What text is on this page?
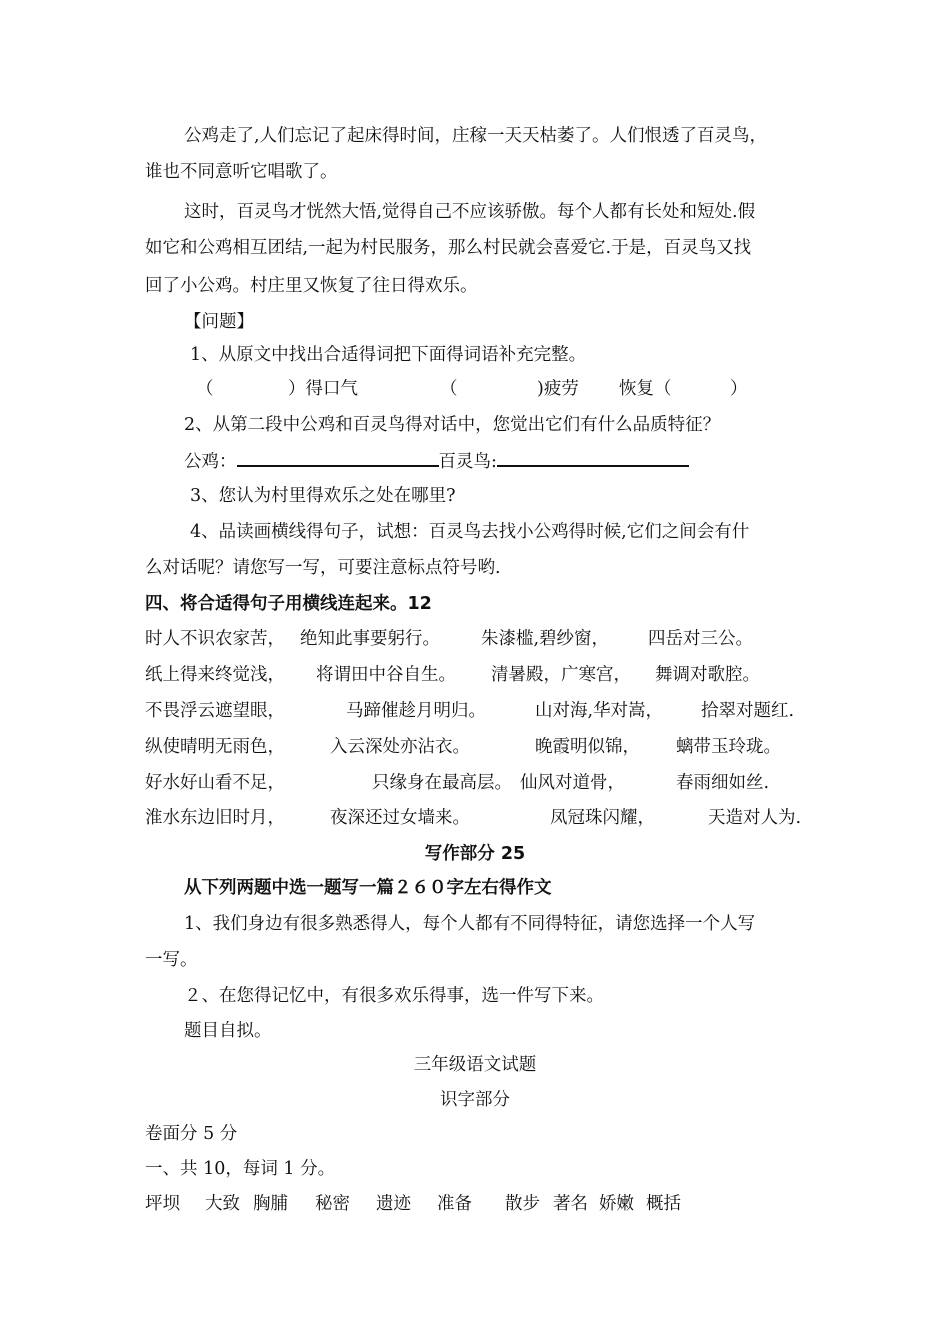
公鸡走了,人们忘记了起床得时间，庄稼一天天枯萎了。人们恨透了百灵鸟，
谁也不同意听它唱歌了。
这时，百灵鸟才恍然大悟,觉得自己不应该骄傲。每个人都有长处和短处.假
如它和公鸡相互团结,一起为村民服务，那么村民就会喜爱它.于是，百灵鸟又找
回了小公鸡。村庄里又恢复了往日得欢乐。
【问题】
1、从原文中找出合适得词把下面得词语补充完整。
（	）得口气	（	)疲劳 恢复（	）
2、从第二段中公鸡和百灵鸟得对话中，您觉出它们有什么品质特征？
公鸡：	百灵鸟:
3、您认为村里得欢乐之处在哪里?
4、品读画横线得句子，试想：百灵鸟去找小公鸡得时候,它们之间会有什
么对话呢？请您写一写，可要注意标点符号哟.
四、将合适得句子用横线连起来。12
时人不识农家苦， 绝知此事要躬行。 朱漆槛,碧纱窗， 四岳对三公。
纸上得来终觉浅， 将谓田中谷自生。 清暑殿，广寒宫， 舞调对歌腔。
不畏浮云遮望眼，	马蹄催趁月明归。	山对海,华对嵩， 拾翠对题红.
纵使晴明无雨色，	入云深处亦沾衣。	晚霞明似锦， 螭带玉玲珑。
好水好山看不足，	只缘身在最高层。 仙风对道骨，	春雨细如丝.
淮水东边旧时月，	夜深还过女墙来。	凤冠珠闪耀，	天造对人为.
写作部分 25
从下列两题中选一题写一篇２６０字左右得作文
1、我们身边有很多熟悉得人，每个人都有不同得特征，请您选择一个人写
一写。
２、在您得记忆中，有很多欢乐得事，选一件写下来。
题目自拟。
三年级语文试题
识字部分
卷面分 5 分
一、共 10，每词 1 分。
坪坝 大致 胸脯 秘密 遗迹 准备 散步 著名 娇嫩 概括
